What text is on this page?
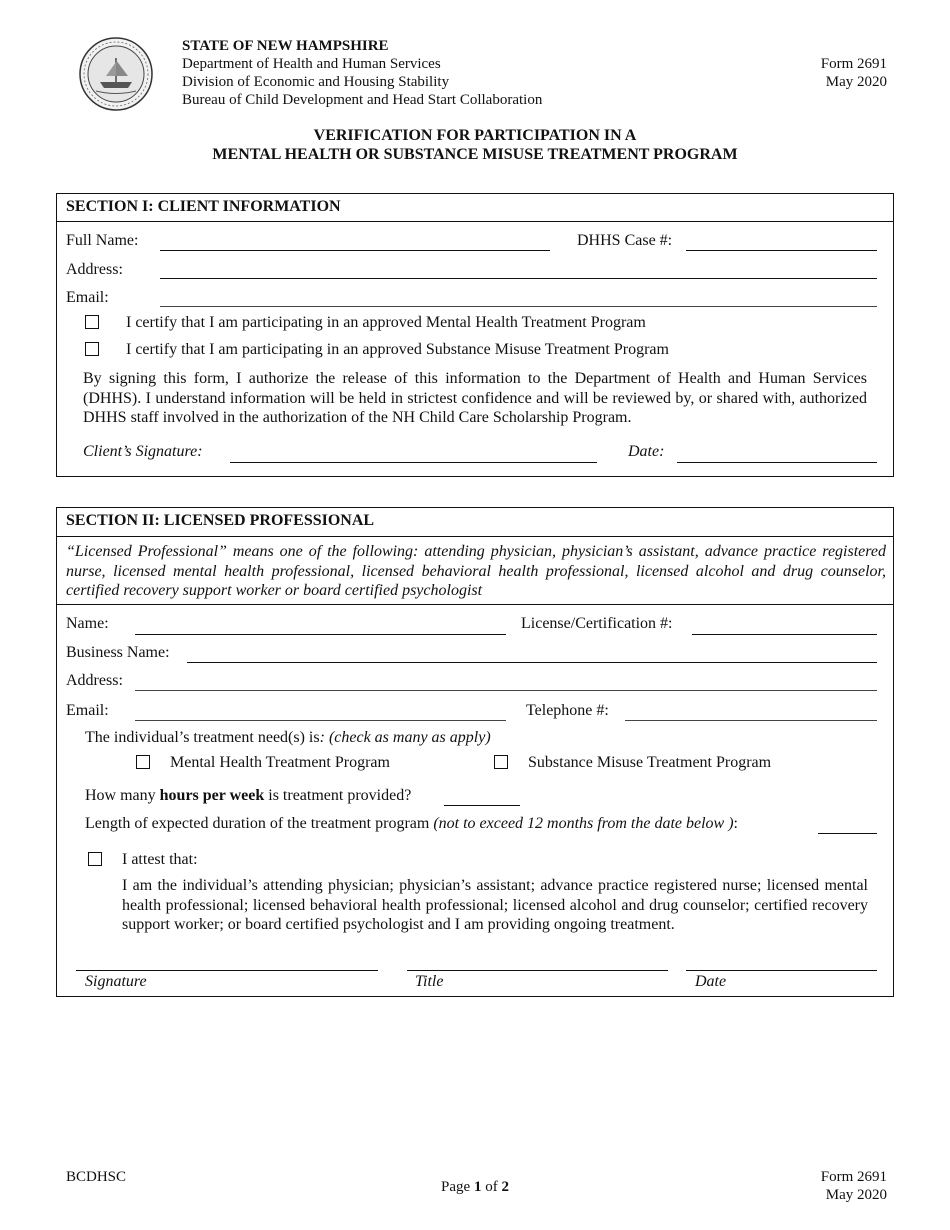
STATE OF NEW HAMPSHIRE
Department of Health and Human Services
Division of Economic and Housing Stability
Bureau of Child Development and Head Start Collaboration
Form 2691
May 2020
VERIFICATION FOR PARTICIPATION IN A
MENTAL HEALTH OR SUBSTANCE MISUSE TREATMENT PROGRAM
SECTION I: CLIENT INFORMATION
Full Name:	DHHS Case #:
Address:
Email:
I certify that I am participating in an approved Mental Health Treatment Program
I certify that I am participating in an approved Substance Misuse Treatment Program
By signing this form, I authorize the release of this information to the Department of Health and Human Services (DHHS). I understand information will be held in strictest confidence and will be reviewed by, or shared with, authorized DHHS staff involved in the authorization of the NH Child Care Scholarship Program.
Client’s Signature:	Date:
SECTION II: LICENSED PROFESSIONAL
“Licensed Professional” means one of the following: attending physician, physician’s assistant, advance practice registered nurse, licensed mental health professional, licensed behavioral health professional, licensed alcohol and drug counselor, certified recovery support worker or board certified psychologist
Name:	License/Certification #:
Business Name:
Address:
Email:	Telephone #:
The individual’s treatment need(s) is: (check as many as apply)
Mental Health Treatment Program	Substance Misuse Treatment Program
How many hours per week is treatment provided?
Length of expected duration of the treatment program (not to exceed 12 months from the date below ):
I attest that:
I am the individual’s attending physician; physician’s assistant; advance practice registered nurse; licensed mental health professional; licensed behavioral health professional; licensed alcohol and drug counselor; certified recovery support worker; or board certified psychologist and I am providing ongoing treatment.
Signature	Title	Date
BCDHSC
Page 1 of 2
Form 2691
May 2020
